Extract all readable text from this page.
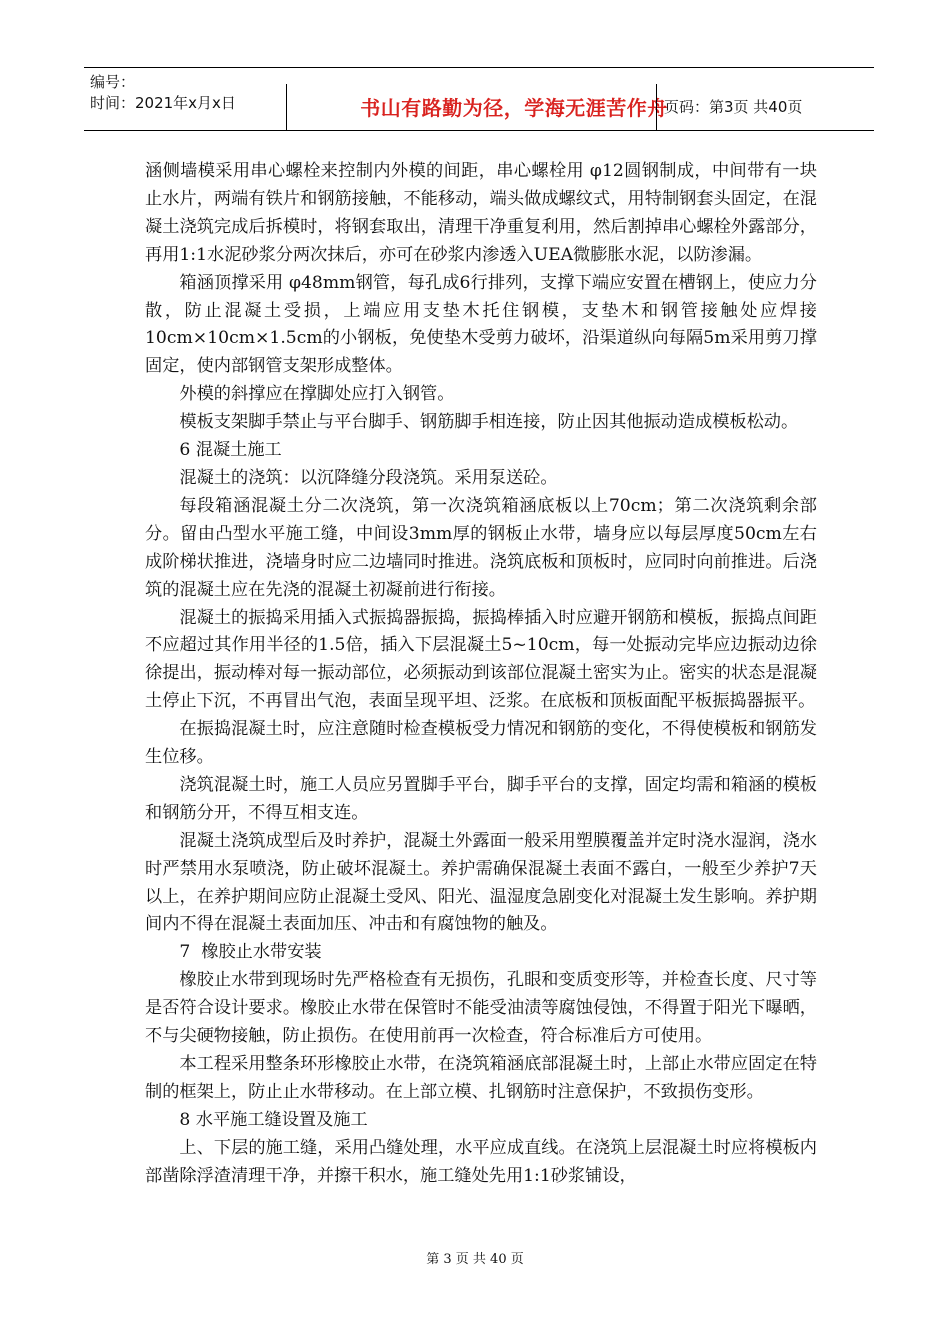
编号：
时间：2021年x月x日	书山有路勤为径，学海无涯苦作舟
页码：第3页 共40页

涵侧墙模采用串心螺栓来控制内外模的间距，串心螺栓用 φ12圆钢制成，中间带有一块止水片，两端有铁片和钢筋接触，不能移动，端头做成螺纹式，用特制钢套头固定，在混凝土浇筑完成后拆模时，将钢套取出，清理干净重复利用，然后割掉串心螺栓外露部分，再用1:1水泥砂浆分两次抹后，亦可在砂浆内渗透入UEA微膨胀水泥，以防渗漏。

箱涵顶撑采用 φ48mm钢管，每孔成6行排列，支撑下端应安置在槽钢上，使应力分散，防止混凝土受损，上端应用支垫木托住钢模，支垫木和钢管接触处应焊接10cm×10cm×1.5cm的小钢板，免使垫木受剪力破坏，沿渠道纵向每隔5m采用剪刀撑固定，使内部钢管支架形成整体。

外模的斜撑应在撑脚处应打入钢管。

模板支架脚手禁止与平台脚手、钢筋脚手相连接，防止因其他振动造成模板松动。

6 混凝土施工

混凝土的浇筑：以沉降缝分段浇筑。采用泵送砼。

每段箱涵混凝土分二次浇筑，第一次浇筑箱涵底板以上70cm；第二次浇筑剩余部分。留由凸型水平施工缝，中间设3mm厚的钢板止水带，墙身应以每层厚度50cm左右成阶梯状推进，浇墙身时应二边墙同时推进。浇筑底板和顶板时，应同时向前推进。后浇筑的混凝土应在先浇的混凝土初凝前进行衔接。

混凝土的振捣采用插入式振捣器振捣，振捣棒插入时应避开钢筋和模板，振捣点间距不应超过其作用半径的1.5倍，插入下层混凝土5~10cm，每一处振动完毕应边振动边徐徐提出，振动棒对每一振动部位，必须振动到该部位混凝土密实为止。密实的状态是混凝土停止下沉，不再冒出气泡，表面呈现平坦、泛浆。在底板和顶板面配平板振捣器振平。

在振捣混凝土时，应注意随时检查模板受力情况和钢筋的变化，不得使模板和钢筋发生位移。

浇筑混凝土时，施工人员应另置脚手平台，脚手平台的支撑，固定均需和箱涵的模板和钢筋分开，不得互相支连。

混凝土浇筑成型后及时养护，混凝土外露面一般采用塑膜覆盖并定时浇水湿润，浇水时严禁用水泵喷浇，防止破坏混凝土。养护需确保混凝土表面不露白，一般至少养护7天以上，在养护期间应防止混凝土受风、阳光、温湿度急剧变化对混凝土发生影响。养护期间内不得在混凝土表面加压、冲击和有腐蚀物的触及。

7  橡胶止水带安装

橡胶止水带到现场时先严格检查有无损伤，孔眼和变质变形等，并检查长度、尺寸等是否符合设计要求。橡胶止水带在保管时不能受油渍等腐蚀侵蚀，不得置于阳光下曝晒，不与尖硬物接触，防止损伤。在使用前再一次检查，符合标准后方可使用。

本工程采用整条环形橡胶止水带，在浇筑箱涵底部混凝土时，上部止水带应固定在特制的框架上，防止止水带移动。在上部立模、扎钢筋时注意保护，不致损伤变形。

8 水平施工缝设置及施工

上、下层的施工缝，采用凸缝处理，水平应成直线。在浇筑上层混凝土时应将模板内部凿除浮渣清理干净，并擦干积水，施工缝处先用1:1砂浆铺设，

第 3 页 共 40 页
